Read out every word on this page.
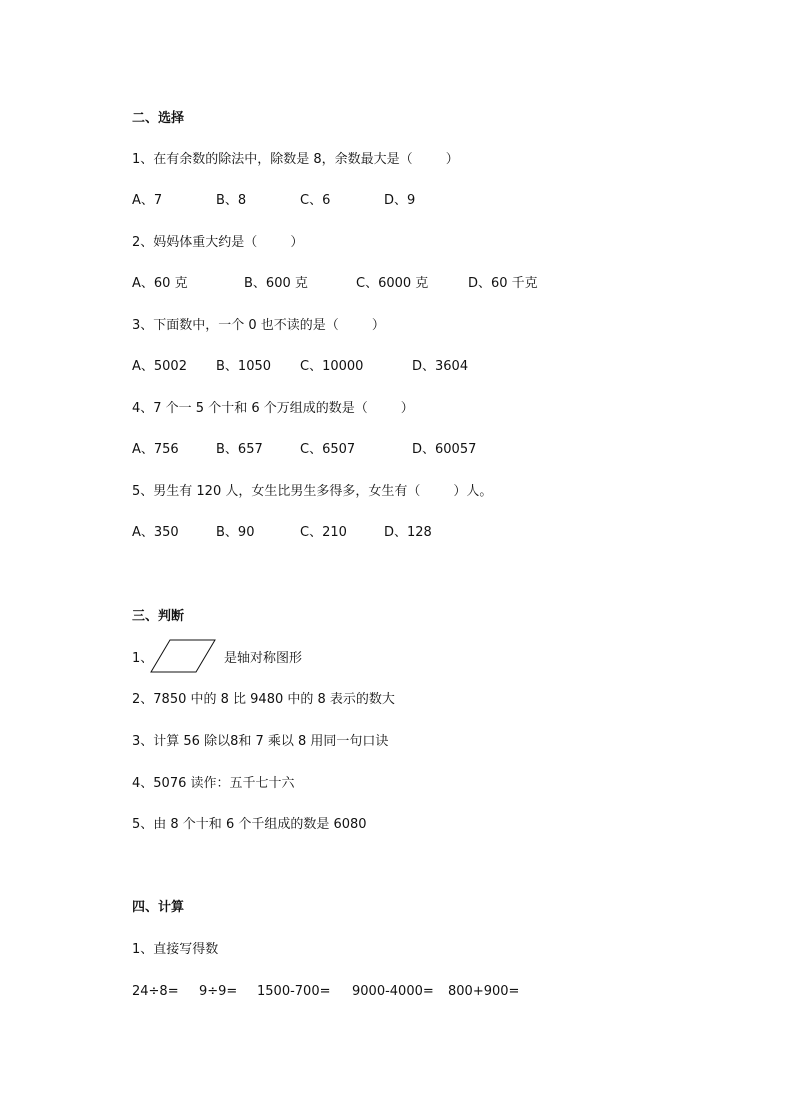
二、选择
1、在有余数的除法中，除数是 8，余数最大是（        ）
A、7	B、8	C、6	D、9
2、妈妈体重大约是（        ）
A、60 克	B、600 克	C、6000 克	D、60 千克
3、下面数中，一个 0 也不读的是（        ）
A、5002 B、1050 C、10000	D、3604
4、7 个一 5 个十和 6 个万组成的数是（        ）
A、756	B、657	C、6507	D、60057
5、男生有 120 人，女生比男生多得多，女生有（        ）人。
A、350	B、90	C、210	D、128
三、判断
1、	是轴对称图形
2、7850 中的 8 比 9480 中的 8 表示的数大
3、计算 56 除以8和 7 乘以 8 用同一句口诀
4、5076 读作：五千七十六
5、由 8 个十和 6 个千组成的数是 6080
四、计算
1、直接写得数
24÷8= 9÷9= 1500-700= 9000-4000= 800+900=
